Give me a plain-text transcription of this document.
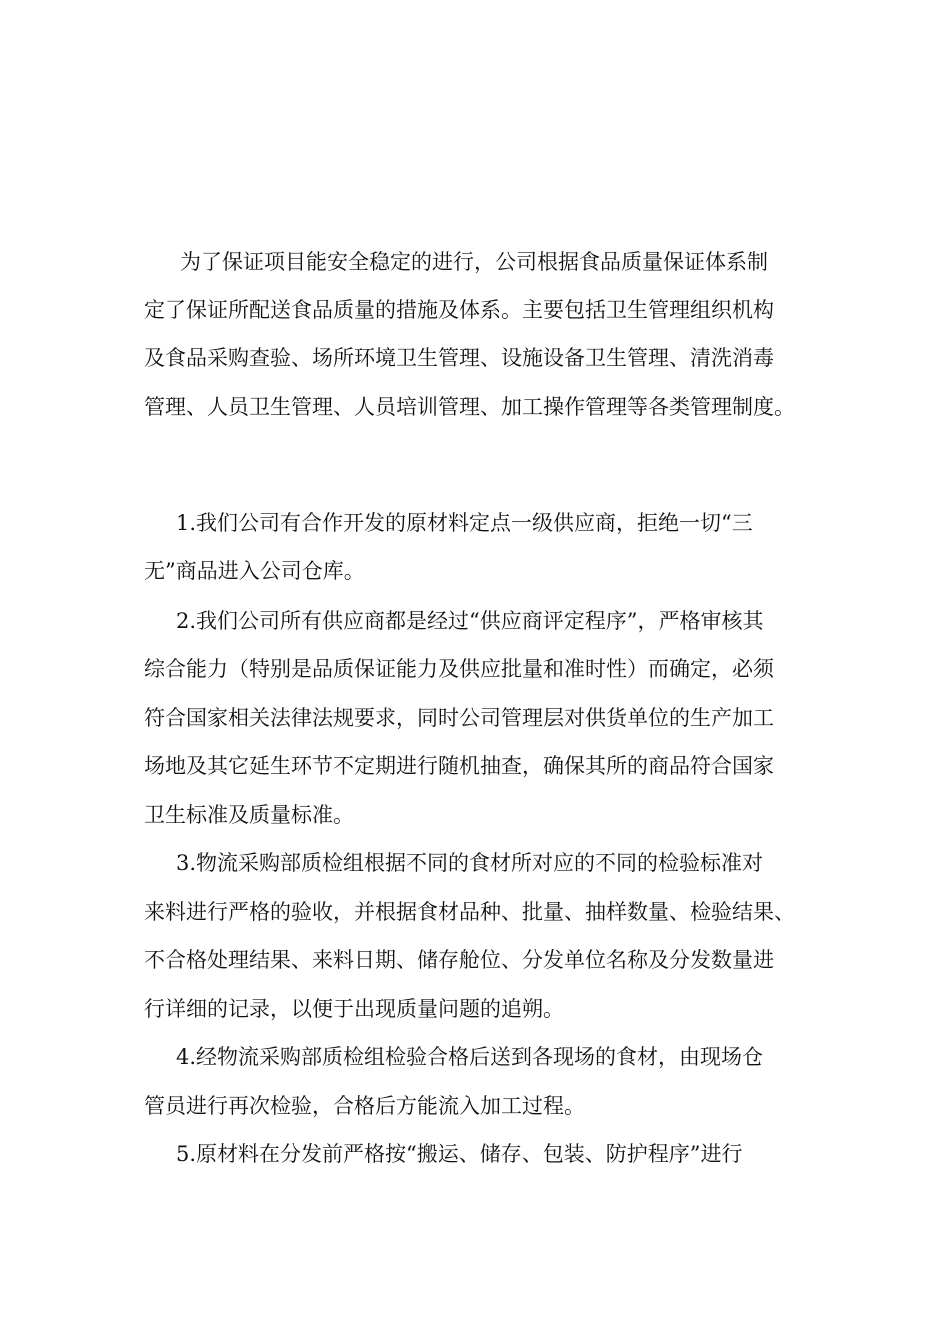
为了保证项目能安全稳定的进行，公司根据食品质量保证体系制
定了保证所配送食品质量的措施及体系。主要包括卫生管理组织机构
及食品采购查验、场所环境卫生管理、设施设备卫生管理、清洗消毒
管理、人员卫生管理、人员培训管理、加工操作管理等各类管理制度。
1.我们公司有合作开发的原材料定点一级供应商，拒绝一切“三
无”商品进入公司仓库。
2.我们公司所有供应商都是经过“供应商评定程序”，严格审核其
综合能力（特别是品质保证能力及供应批量和准时性）而确定，必须
符合国家相关法律法规要求，同时公司管理层对供货单位的生产加工
场地及其它延生环节不定期进行随机抽查，确保其所的商品符合国家
卫生标准及质量标准。
3.物流采购部质检组根据不同的食材所对应的不同的检验标准对
来料进行严格的验收，并根据食材品种、批量、抽样数量、检验结果、
不合格处理结果、来料日期、储存舱位、分发单位名称及分发数量进
行详细的记录，以便于出现质量问题的追朔。
4.经物流采购部质检组检验合格后送到各现场的食材，由现场仓
管员进行再次检验，合格后方能流入加工过程。
5.原材料在分发前严格按“搬运、储存、包装、防护程序”进行
